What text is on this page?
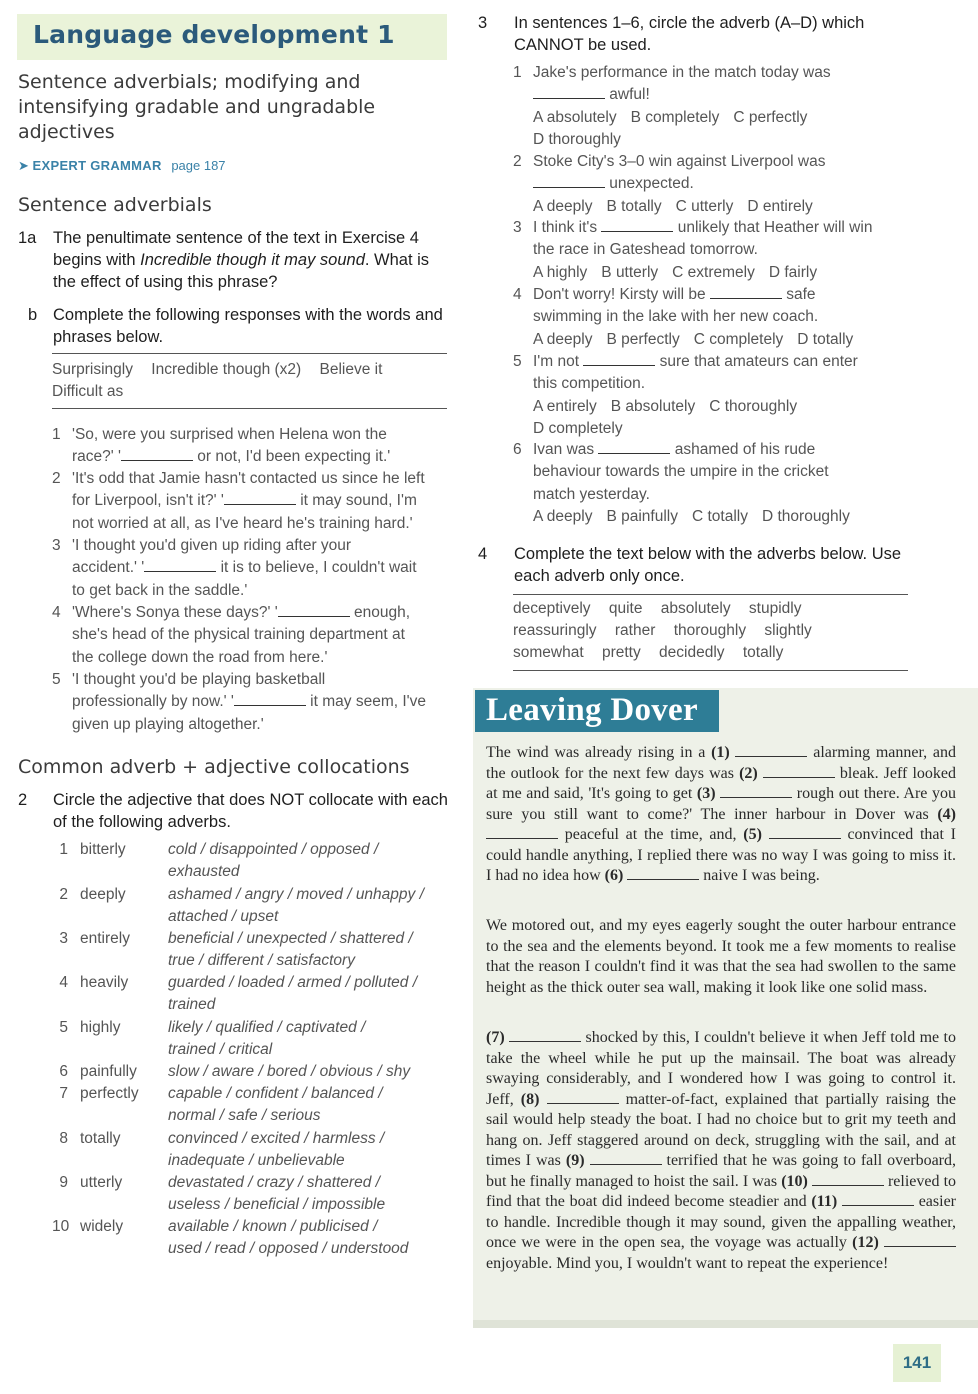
Language development 1
Sentence adverbials; modifying and intensifying gradable and ungradable adjectives
➤ EXPERT GRAMMAR page 187
Sentence adverbials
1a The penultimate sentence of the text in Exercise 4 begins with Incredible though it may sound. What is the effect of using this phrase?
b Complete the following responses with the words and phrases below.
Surprisingly Incredible though (x2) Believe it
Difficult as
1 'So, were you surprised when Helena won the
race?' '	or not, I'd been expecting it.'
2 'It's odd that Jamie hasn't contacted us since he left
for Liverpool, isn't it?' '	it may sound, I'm
not worried at all, as I've heard he's training hard.'
3 'I thought you'd given up riding after your
accident.' '	it is to believe, I couldn't wait
to get back in the saddle.'
4 'Where's Sonya these days?' '	enough,
she's head of the physical training department at
the college down the road from here.'
5 'I thought you'd be playing basketball
professionally by now.' '	it may seem, I've
given up playing altogether.'
Common adverb + adjective collocations
2 Circle the adjective that does NOT collocate with each of the following adverbs.
1 bitterly	cold / disappointed / opposed /
exhausted
2 deeply	ashamed / angry / moved / unhappy /
attached / upset
3 entirely beneficial / unexpected / shattered /
true / different / satisfactory
4 heavily	guarded / loaded / armed / polluted /
trained
5 highly	likely / qualified / captivated /
trained / critical
6 painfully slow / aware / bored / obvious / shy

7 perfectly capable / confident / balanced /
normal / safe / serious
8 totally	convinced / excited / harmless /
inadequate / unbelievable
9 utterly	devastated / crazy / shattered /
useless / beneficial / impossible
10 widely	available / known / publicised /
used / read / opposed / understood
3 In sentences 1–6, circle the adverb (A–D) which CANNOT be used.
1 Jake's performance in the match today was
awful!
A absolutely B completely C perfectly
D thoroughly
2 Stoke City's 3–0 win against Liverpool was
unexpected.
A deeply B totally C utterly D entirely
3 I think it's	unlikely that Heather will win
the race in Gateshead tomorrow.
A highly B utterly C extremely D fairly
4 Don't worry! Kirsty will be	safe
swimming in the lake with her new coach.
A deeply B perfectly C completely D totally
5 I'm not	sure that amateurs can enter
this competition.
A entirely B absolutely C thoroughly
D completely
6 Ivan was	ashamed of his rude
behaviour towards the umpire in the cricket
match yesterday.
A deeply B painfully C totally D thoroughly
4 Complete the text below with the adverbs below. Use each adverb only once.
deceptively quite absolutely stupidly
reassuringly rather thoroughly slightly
somewhat pretty decidedly totally
Leaving Dover
The wind was already rising in a (1)	alarming manner, and the outlook for the next few days was (2)	bleak. Jeff looked at me and said, 'It's going to get (3)	rough out there. Are you sure you still want to come?' The inner harbour in Dover was (4)  peaceful at the time, and, (5)	convinced that I could handle anything, I replied there was no way I was going to miss it. I had no idea how (6)	naive I was being.
We motored out, and my eyes eagerly sought the outer harbour entrance to the sea and the elements beyond. It took me a few moments to realise that the reason I couldn't find it was that the sea had swollen to the same height as the thick outer sea wall, making it look like one solid mass.
(7)	shocked by this, I couldn't believe it when Jeff told me to take the wheel while he put up the mainsail. The boat was already swaying considerably, and I wondered how I was going to control it. Jeff, (8)	matter-of-fact, explained that partially raising the sail would help steady the boat. I had no choice but to grit my teeth and hang on. Jeff staggered around on deck, struggling with the sail, and at times I was (9)	terrified that he was going to fall overboard, but he finally managed to hoist the sail. I was (10)	relieved to find that the boat did indeed become steadier and (11)	easier to handle. Incredible though it may sound, given the appalling weather, once we were in the open sea, the voyage was actually (12)  enjoyable. Mind you, I wouldn't want to repeat the experience!
141
